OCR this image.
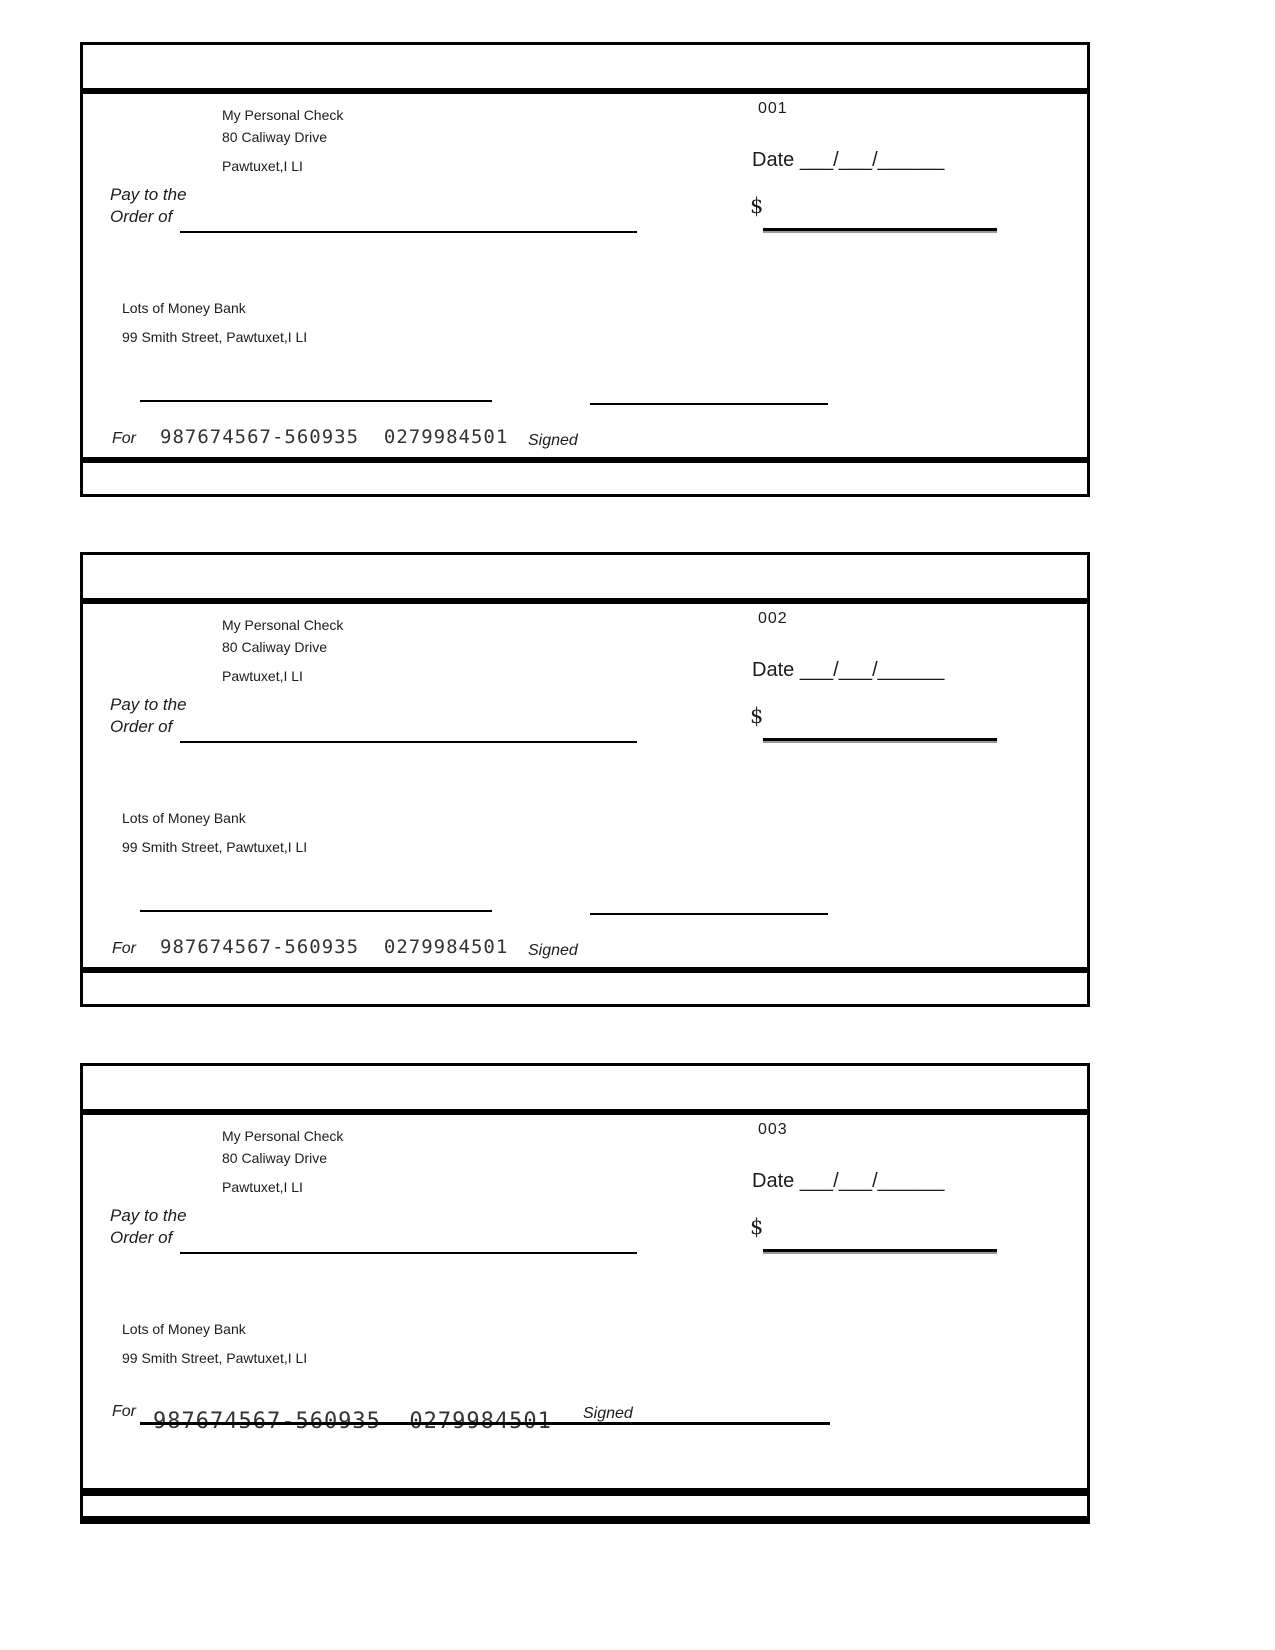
My Personal Check
80 Caliway Drive
Pawtuxet,I LI
001
Date ___/___/______
Pay to the
Order of	$
Lots of Money Bank
99 Smith Street, Pawtuxet,I LI
For 987674567-560935  0279984501 Signed
My Personal Check
80 Caliway Drive
Pawtuxet,I LI
002
Date ___/___/______
Pay to the
Order of	$
Lots of Money Bank
99 Smith Street, Pawtuxet,I LI
For 987674567-560935  0279984501 Signed
My Personal Check
80 Caliway Drive
Pawtuxet,I LI
003
Date ___/___/______
Pay to the
Order of	$
Lots of Money Bank
99 Smith Street, Pawtuxet,I LI
For	Signed
